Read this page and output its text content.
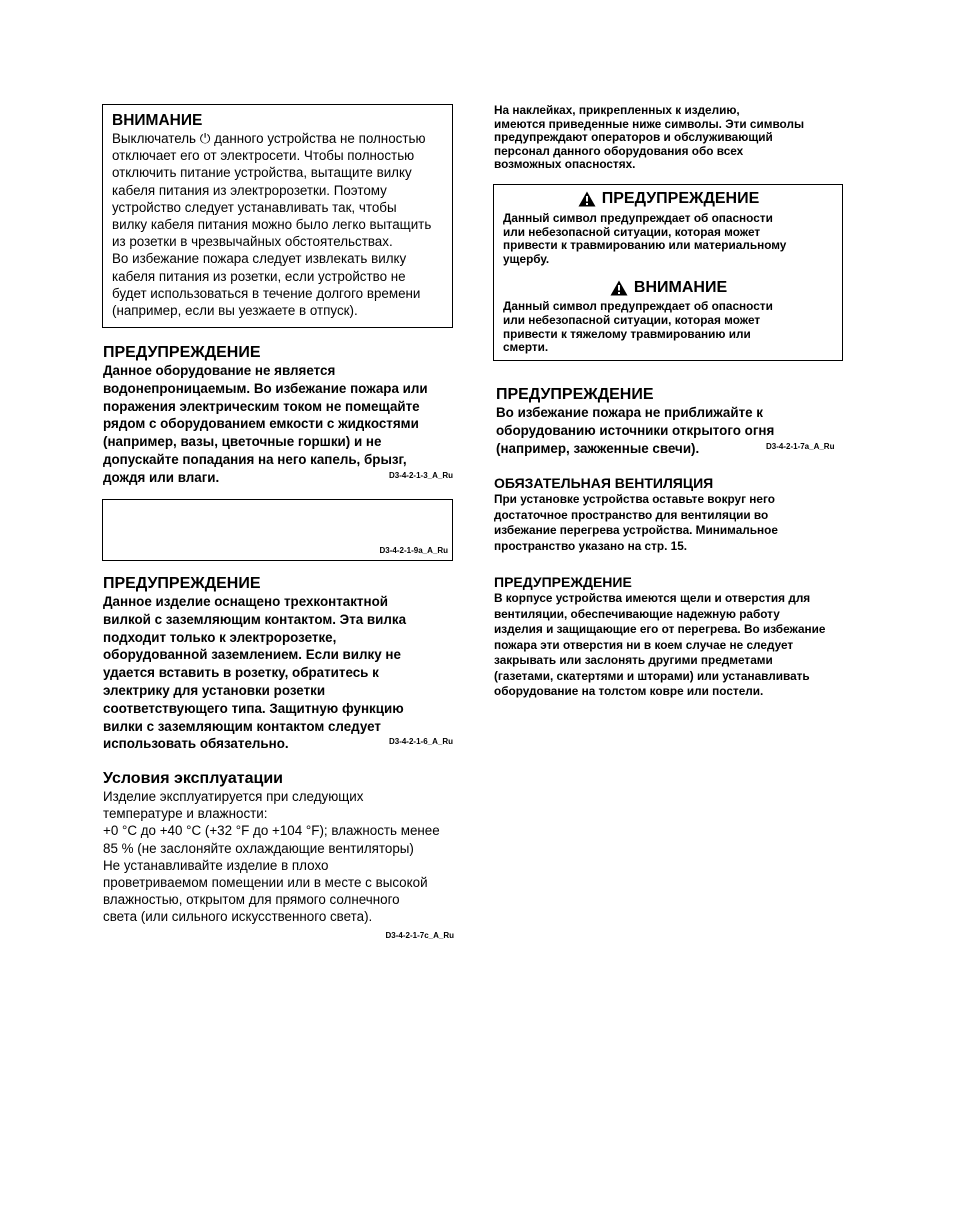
ВНИМАНИЕ
Выключатель ⏻ данного устройства не полностью
отключает его от электросети. Чтобы полностью
отключить питание устройства, вытащите вилку
кабеля питания из электророзетки. Поэтому
устройство следует устанавливать так, чтобы
вилку кабеля питания можно было легко вытащить
из розетки в чрезвычайных обстоятельствах.
Во избежание пожара следует извлекать вилку
кабеля питания из розетки, если устройство не
будет использоваться в течение долгого времени
(например, если вы уезжаете в отпуск).
ПРЕДУПРЕЖДЕНИЕ
Данное оборудование не является
водонепроницаемым. Во избежание пожара или
поражения электрическим током не помещайте
рядом с оборудованием емкости с жидкостями
(например, вазы, цветочные горшки) и не
допускайте попадания на него капель, брызг,
дождя или влаги.	D3-4-2-1-3_A_Ru
D3-4-2-1-9a_A_Ru
ПРЕДУПРЕЖДЕНИЕ
Данное изделие оснащено трехконтактной
вилкой с заземляющим контактом. Эта вилка
подходит только к электророзетке,
оборудованной заземлением. Если вилку не
удается вставить в розетку, обратитесь к
электрику для установки розетки
соответствующего типа. Защитную функцию
вилки с заземляющим контактом следует
использовать обязательно.	D3-4-2-1-6_A_Ru
Условия эксплуатации
Изделие эксплуатируется при следующих
температуре и влажности:
+0 °C до +40 °C (+32 °F до +104 °F); влажность менее
85 % (не заслоняйте охлаждающие вентиляторы)
Не устанавливайте изделие в плохо
проветриваемом помещении или в месте с высокой
влажностью, открытом для прямого солнечного
света (или сильного искусственного света).
D3-4-2-1-7c_A_Ru
На наклейках, прикрепленных к изделию,
имеются приведенные ниже символы. Эти символы
предупреждают операторов и обслуживающий
персонал данного оборудования обо всех
возможных опасностях.
ПРЕДУПРЕЖДЕНИЕ
Данный символ предупреждает об опасности
или небезопасной ситуации, которая может
привести к травмированию или материальному
ущербу.
ВНИМАНИЕ
Данный символ предупреждает об опасности
или небезопасной ситуации, которая может
привести к тяжелому травмированию или
смерти.
ПРЕДУПРЕЖДЕНИЕ
Во избежание пожара не приближайте к
оборудованию источники открытого огня
(например, зажженные свечи).	D3-4-2-1-7a_A_Ru
ОБЯЗАТЕЛЬНАЯ ВЕНТИЛЯЦИЯ
При установке устройства оставьте вокруг него
достаточное пространство для вентиляции во
избежание перегрева устройства. Минимальное
пространство указано на стр. 15.
ПРЕДУПРЕЖДЕНИЕ
В корпусе устройства имеются щели и отверстия для
вентиляции, обеспечивающие надежную работу
изделия и защищающие его от перегрева. Во избежание
пожара эти отверстия ни в коем случае не следует
закрывать или заслонять другими предметами
(газетами, скатертями и шторами) или устанавливать
оборудование на толстом ковре или постели.
